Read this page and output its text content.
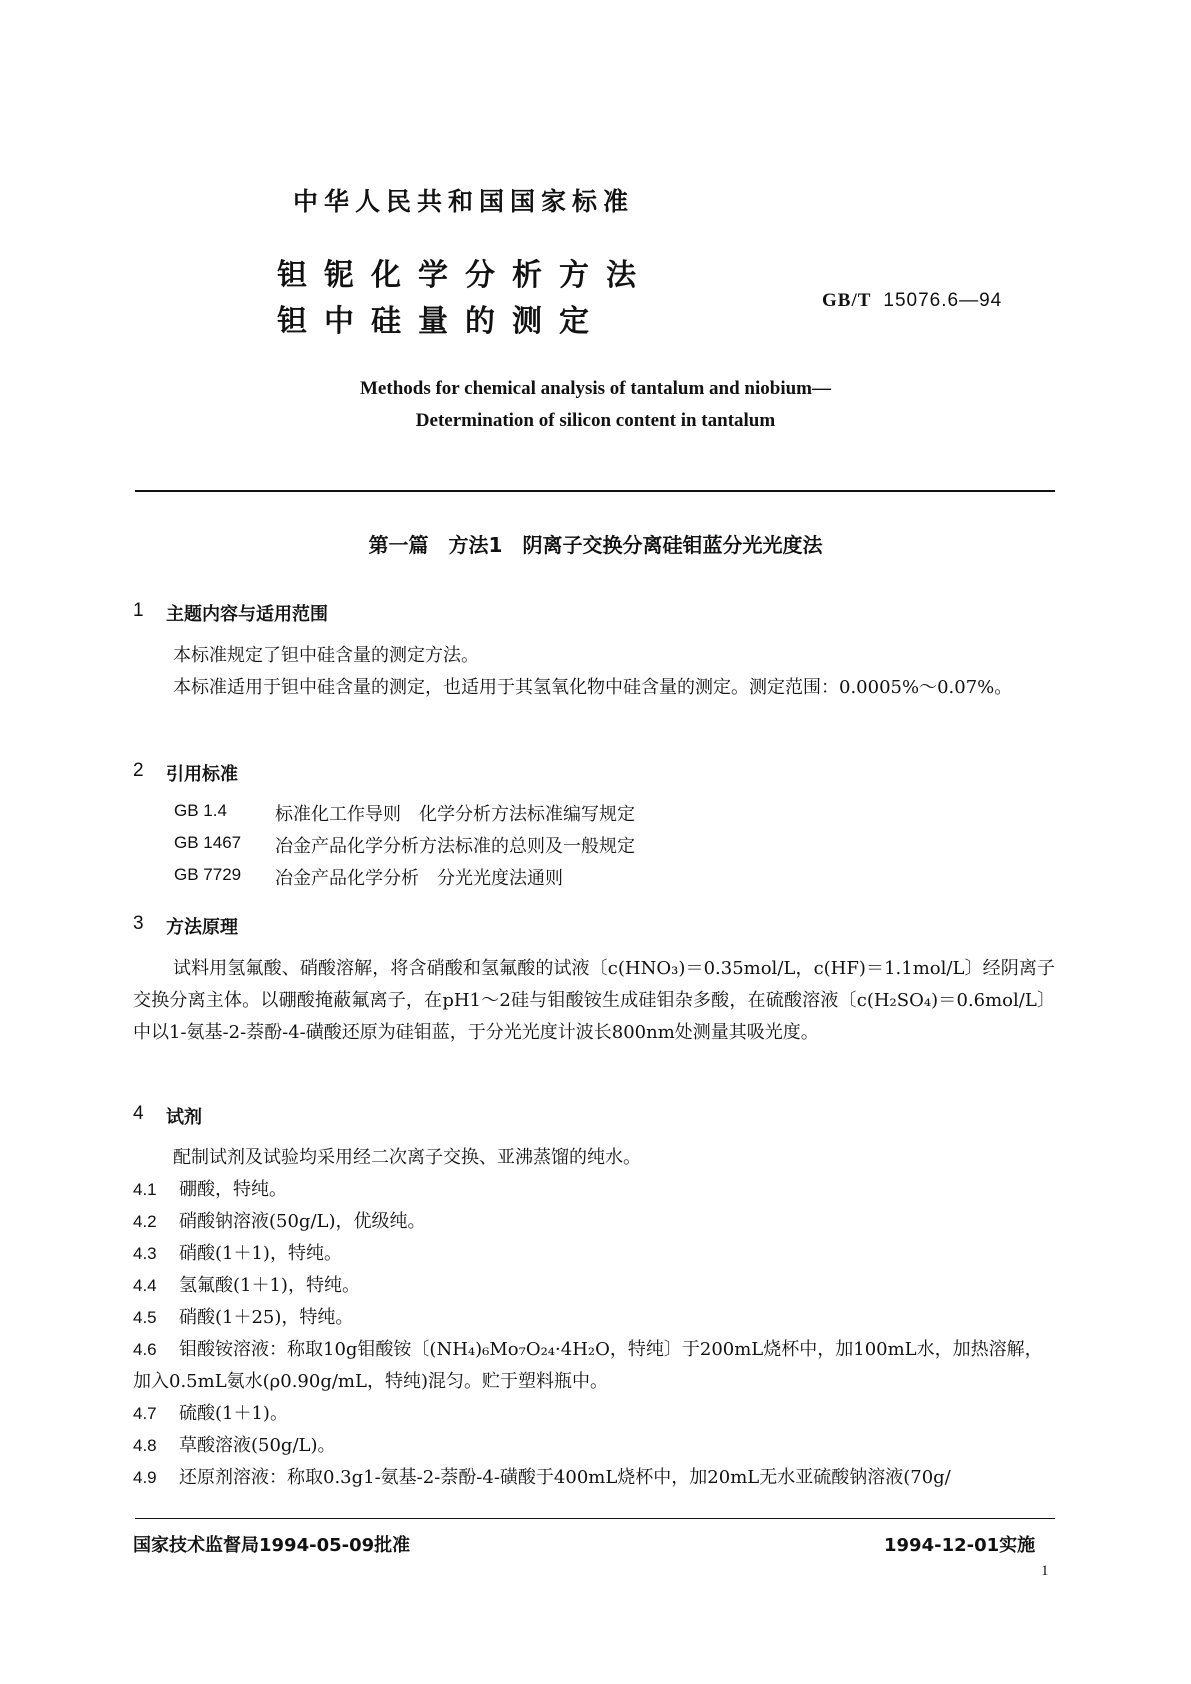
中华人民共和国国家标准
钽铌化学分析方法
钽中硅量的测定
GB/T 15076.6—94
Methods for chemical analysis of tantalum and niobium—
Determination of silicon content in tantalum
第一篇　方法1　阴离子交换分离硅钼蓝分光光度法
1 主题内容与适用范围
本标准规定了钽中硅含量的测定方法。
本标准适用于钽中硅含量的测定，也适用于其氢氧化物中硅含量的测定。测定范围：0.0005%～0.07%。
2 引用标准
GB 1.4	标准化工作导则　化学分析方法标准编写规定
GB 1467 冶金产品化学分析方法标准的总则及一般规定
GB 7729 冶金产品化学分析　分光光度法通则
3 方法原理
试料用氢氟酸、硝酸溶解，将含硝酸和氢氟酸的试液〔c(HNO₃)＝0.35mol/L，c(HF)＝1.1mol/L〕经阴离子交换分离主体。以硼酸掩蔽氟离子，在pH1～2硅与钼酸铵生成硅钼杂多酸，在硫酸溶液〔c(H₂SO₄)＝0.6mol/L〕中以1-氨基-2-萘酚-4-磺酸还原为硅钼蓝，于分光光度计波长800nm处测量其吸光度。
4 试剂
配制试剂及试验均采用经二次离子交换、亚沸蒸馏的纯水。
4.1 硼酸，特纯。
4.2 硝酸钠溶液(50g/L)，优级纯。
4.3 硝酸(1＋1)，特纯。
4.4 氢氟酸(1＋1)，特纯。
4.5 硝酸(1＋25)，特纯。
4.6 钼酸铵溶液：称取10g钼酸铵〔(NH₄)₆Mo₇O₂₄·4H₂O，特纯〕于200mL烧杯中，加100mL水，加热溶解，加入0.5mL氨水(ρ0.90g/mL，特纯)混匀。贮于塑料瓶中。
4.7 硫酸(1＋1)。
4.8 草酸溶液(50g/L)。
4.9 还原剂溶液：称取0.3g1-氨基-2-萘酚-4-磺酸于400mL烧杯中，加20mL无水亚硫酸钠溶液(70g/
国家技术监督局1994-05-09批准	1994-12-01实施
1
